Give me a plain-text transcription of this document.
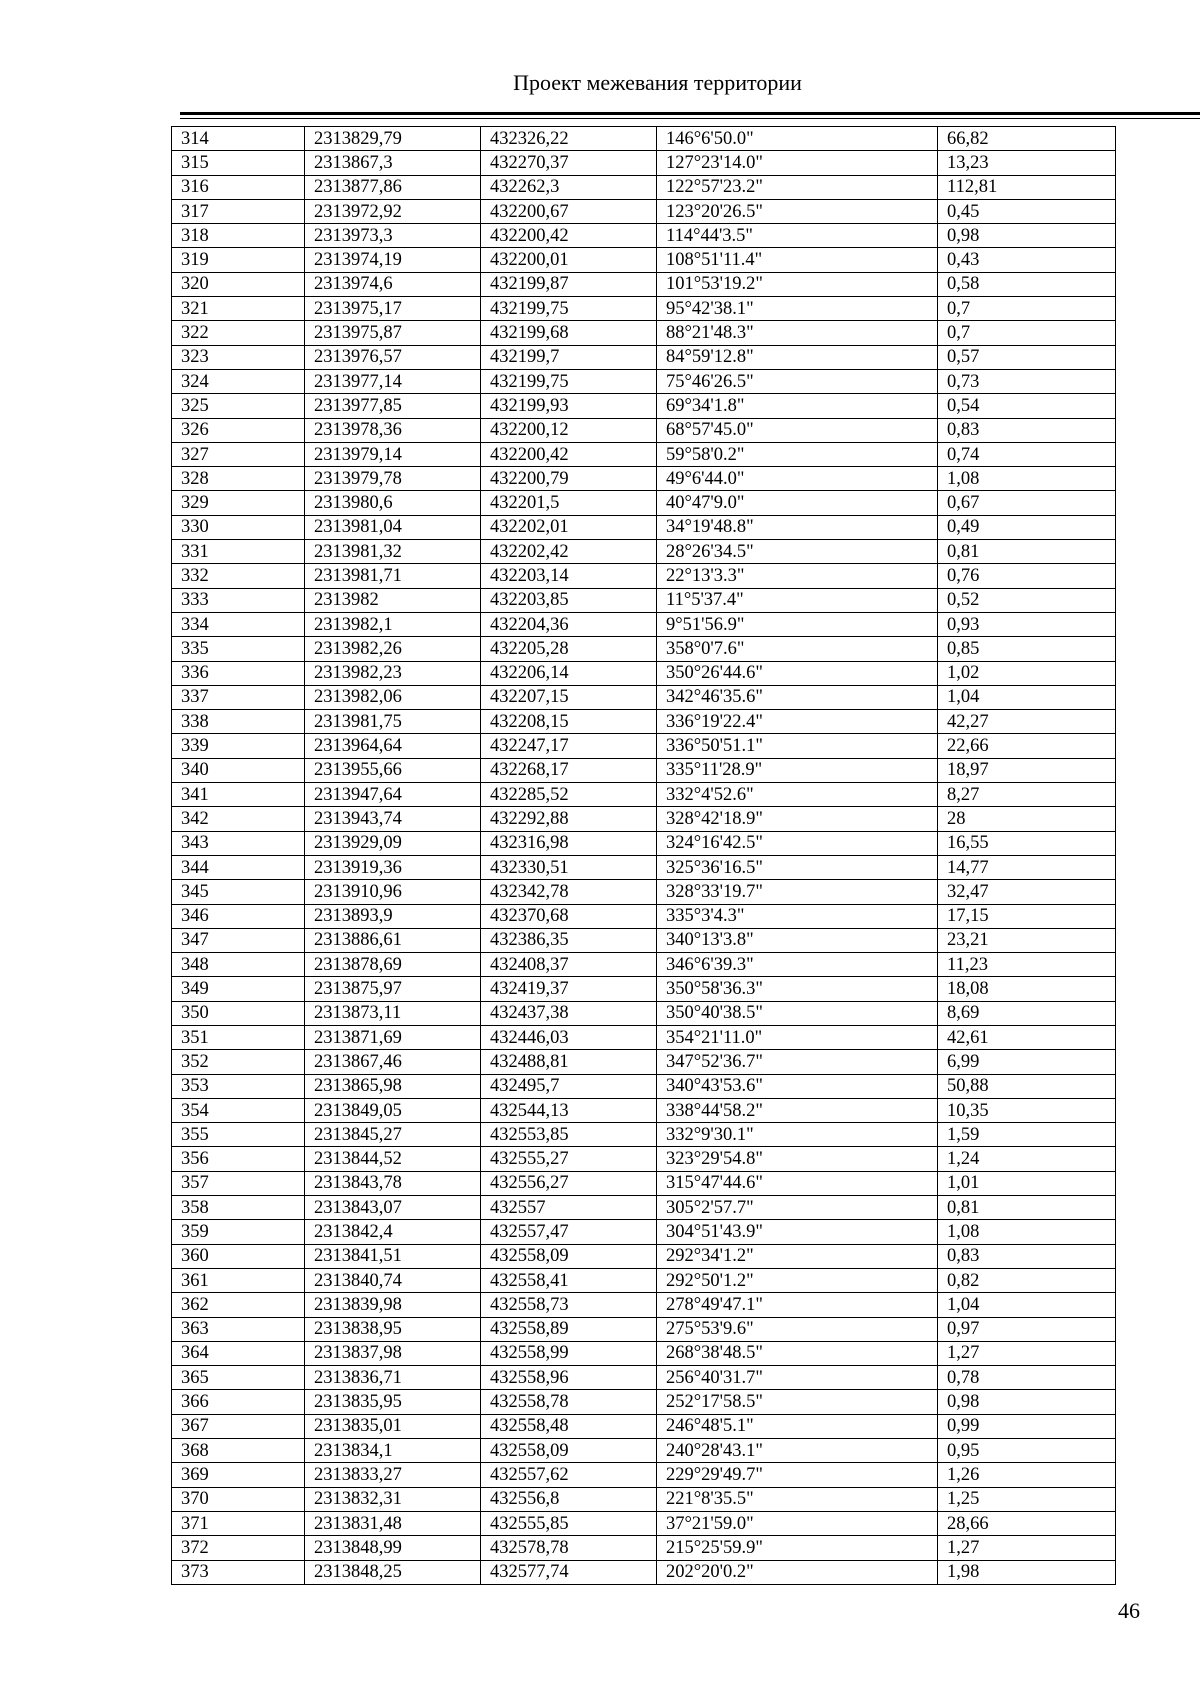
Проект межевания территории
314	2313829,79	432326,22	146°6'50.0"	66,82
315	2313867,3	432270,37	127°23'14.0"	13,23
316	2313877,86	432262,3	122°57'23.2"	112,81
317	2313972,92	432200,67	123°20'26.5"	0,45
318	2313973,3	432200,42	114°44'3.5"	0,98
319	2313974,19	432200,01	108°51'11.4"	0,43
320	2313974,6	432199,87	101°53'19.2"	0,58
321	2313975,17	432199,75	95°42'38.1"	0,7
322	2313975,87	432199,68	88°21'48.3"	0,7
323	2313976,57	432199,7	84°59'12.8"	0,57
324	2313977,14	432199,75	75°46'26.5"	0,73
325	2313977,85	432199,93	69°34'1.8"	0,54
326	2313978,36	432200,12	68°57'45.0"	0,83
327	2313979,14	432200,42	59°58'0.2"	0,74
328	2313979,78	432200,79	49°6'44.0"	1,08
329	2313980,6	432201,5	40°47'9.0"	0,67
330	2313981,04	432202,01	34°19'48.8"	0,49
331	2313981,32	432202,42	28°26'34.5"	0,81
332	2313981,71	432203,14	22°13'3.3"	0,76
333	2313982	432203,85	11°5'37.4"	0,52
334	2313982,1	432204,36	9°51'56.9"	0,93
335	2313982,26	432205,28	358°0'7.6"	0,85
336	2313982,23	432206,14	350°26'44.6"	1,02
337	2313982,06	432207,15	342°46'35.6"	1,04
338	2313981,75	432208,15	336°19'22.4"	42,27
339	2313964,64	432247,17	336°50'51.1"	22,66
340	2313955,66	432268,17	335°11'28.9"	18,97
341	2313947,64	432285,52	332°4'52.6"	8,27
342	2313943,74	432292,88	328°42'18.9"	28
343	2313929,09	432316,98	324°16'42.5"	16,55
344	2313919,36	432330,51	325°36'16.5"	14,77
345	2313910,96	432342,78	328°33'19.7"	32,47
346	2313893,9	432370,68	335°3'4.3"	17,15
347	2313886,61	432386,35	340°13'3.8"	23,21
348	2313878,69	432408,37	346°6'39.3"	11,23
349	2313875,97	432419,37	350°58'36.3"	18,08
350	2313873,11	432437,38	350°40'38.5"	8,69
351	2313871,69	432446,03	354°21'11.0"	42,61
352	2313867,46	432488,81	347°52'36.7"	6,99
353	2313865,98	432495,7	340°43'53.6"	50,88
354	2313849,05	432544,13	338°44'58.2"	10,35
355	2313845,27	432553,85	332°9'30.1"	1,59
356	2313844,52	432555,27	323°29'54.8"	1,24
357	2313843,78	432556,27	315°47'44.6"	1,01
358	2313843,07	432557	305°2'57.7"	0,81
359	2313842,4	432557,47	304°51'43.9"	1,08
360	2313841,51	432558,09	292°34'1.2"	0,83
361	2313840,74	432558,41	292°50'1.2"	0,82
362	2313839,98	432558,73	278°49'47.1"	1,04
363	2313838,95	432558,89	275°53'9.6"	0,97
364	2313837,98	432558,99	268°38'48.5"	1,27
365	2313836,71	432558,96	256°40'31.7"	0,78
366	2313835,95	432558,78	252°17'58.5"	0,98
367	2313835,01	432558,48	246°48'5.1"	0,99
368	2313834,1	432558,09	240°28'43.1"	0,95
369	2313833,27	432557,62	229°29'49.7"	1,26
370	2313832,31	432556,8	221°8'35.5"	1,25
371	2313831,48	432555,85	37°21'59.0"	28,66
372	2313848,99	432578,78	215°25'59.9"	1,27
373	2313848,25	432577,74	202°20'0.2"	1,98
46
